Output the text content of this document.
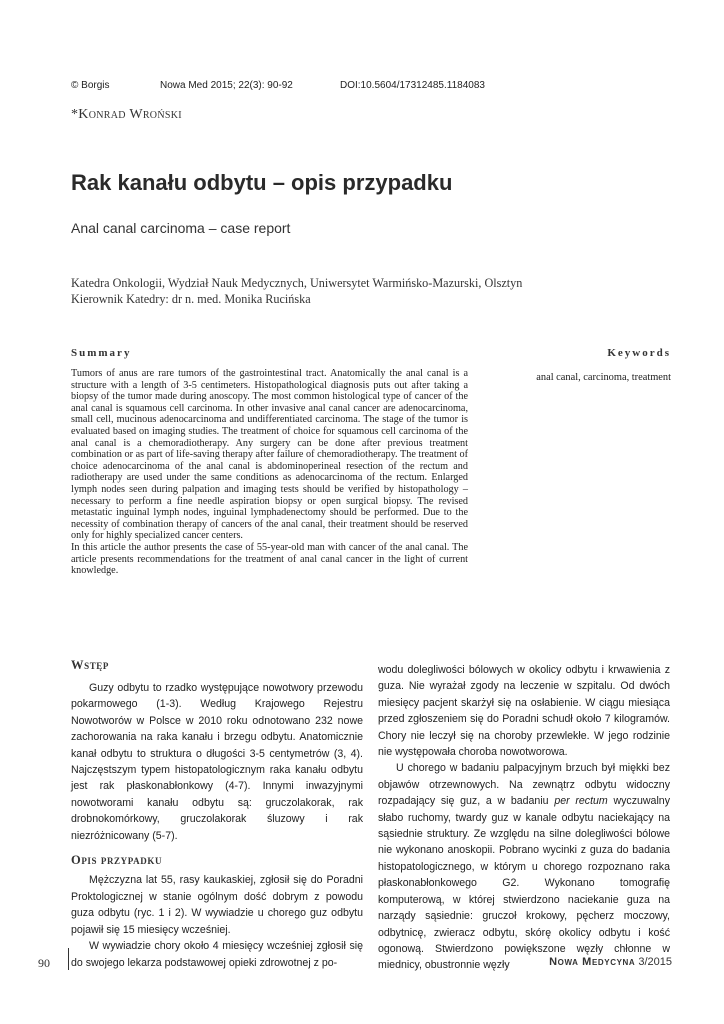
© Borgis	Nowa Med 2015; 22(3): 90-92	DOI:10.5604/17312485.1184083
*Konrad Wroński
Rak kanału odbytu – opis przypadku
Anal canal carcinoma – case report
Katedra Onkologii, Wydział Nauk Medycznych, Uniwersytet Warmińsko-Mazurski, Olsztyn
Kierownik Katedry: dr n. med. Monika Rucińska
Summary	Keywords
Tumors of anus are rare tumors of the gastrointestinal tract. Anatomically the anal canal is a structure with a length of 3-5 centimeters. Histopathological diagnosis puts out after taking a biopsy of the tumor made during anoscopy. The most common histological type of cancer of the anal canal is squamous cell carcinoma. In other invasive anal canal cancer are adenocarcinoma, small cell, mucinous adenocarcinoma and undifferentiated carcinoma. The stage of the tumor is evaluated based on imaging studies. The treatment of choice for squamous cell carcinoma of the anal canal is a chemoradiotherapy. Any surgery can be done after previous treatment combination or as part of life-saving therapy after failure of chemoradiotherapy. The treatment of choice adenocarcinoma of the anal canal is abdominoperineal resection of the rectum and radiotherapy are used under the same conditions as adenocarcinoma of the rectum. Enlarged lymph nodes seen during palpation and imaging tests should be verified by histopathology – necessary to perform a fine needle aspiration biopsy or open surgical biopsy. The revised metastatic inguinal lymph nodes, inguinal lymphadenectomy should be performed. Due to the necessity of combination therapy of cancers of the anal canal, their treatment should be reserved only for highly specialized cancer centers.
In this article the author presents the case of 55-year-old man with cancer of the anal canal. The article presents recommendations for the treatment of anal canal cancer in the light of current knowledge.
anal canal, carcinoma, treatment
Wstęp

Guzy odbytu to rzadko występujące nowotwory przewodu pokarmowego (1-3). Według Krajowego Rejestru Nowotworów w Polsce w 2010 roku odnotowano 232 nowe zachorowania na raka kanału i brzegu odbytu. Anatomicznie kanał odbytu to struktura o długości 3-5 centymetrów (3, 4). Najczęstszym typem histopatologicznym raka kanału odbytu jest rak płaskonabłonkowy (4-7). Innymi inwazyjnymi nowotworami kanału odbytu są: gruczolakorak, rak drobnokomórkowy, gruczolakorak śluzowy i rak niezróżnicowany (5-7).

Opis przypadku

Mężczyzna lat 55, rasy kaukaskiej, zgłosił się do Poradni Proktologicznej w stanie ogólnym dość dobrym z powodu guza odbytu (ryc. 1 i 2). W wywiadzie u chorego guz odbytu pojawił się 15 miesięcy wcześniej.

W wywiadzie chory około 4 miesięcy wcześniej zgłosił się do swojego lekarza podstawowej opieki zdrowotnej z po-

wodu dolegliwości bólowych w okolicy odbytu i krwawienia z guza. Nie wyrażał zgody na leczenie w szpitalu. Od dwóch miesięcy pacjent skarżył się na osłabienie. W ciągu miesiąca przed zgłoszeniem się do Poradni schudł około 7 kilogramów. Chory nie leczył się na choroby przewlekłe. W jego rodzinie nie występowała choroba nowotworowa.

U chorego w badaniu palpacyjnym brzuch był miękki bez objawów otrzewnowych. Na zewnątrz odbytu widoczny rozpadający się guz, a w badaniu per rectum wyczuwalny słabo ruchomy, twardy guz w kanale odbytu naciekający na sąsiednie struktury. Ze względu na silne dolegliwości bólowe nie wykonano anoskopii. Pobrano wycinki z guza do badania histopatologicznego, w którym u chorego rozpoznano raka płaskonabłonkowego G2. Wykonano tomografię komputerową, w której stwierdzono naciekanie guza na narządy sąsiednie: gruczoł krokowy, pęcherz moczowy, odbytnicę, zwieracz odbytu, skórę okolicy odbytu i kość ogonową. Stwierdzono powiększone węzły chłonne w miednicy, obustronnie węzły

90	Nowa Medycyna 3/2015
